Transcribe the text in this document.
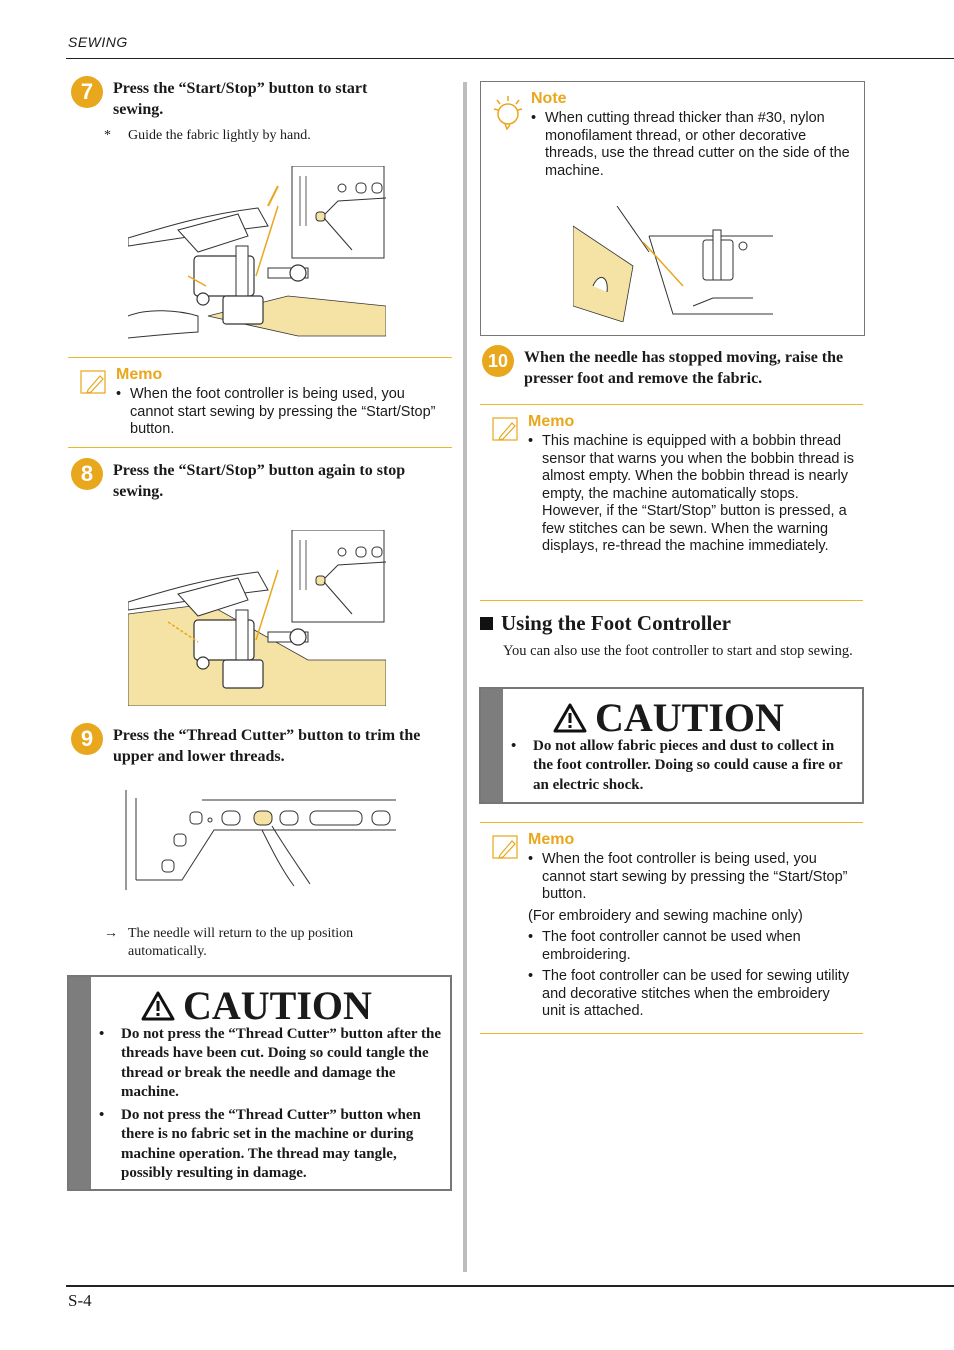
SEWING
S-4
7	Press the “Start/Stop” button to start sewing.
*	Guide the fabric lightly by hand.
Memo
• When the foot controller is being used, you cannot start sewing by pressing the “Start/Stop” button.
8	Press the “Start/Stop” button again to stop sewing.
9	Press the “Thread Cutter” button to trim the upper and lower threads.
→ The needle will return to the up position automatically.
CAUTION
•	Do not press the “Thread Cutter” button after the threads have been cut. Doing so could tangle the thread or break the needle and damage the machine.
•	Do not press the “Thread Cutter” button when there is no fabric set in the machine or during machine operation. The thread may tangle, possibly resulting in damage.
Note
• When cutting thread thicker than #30, nylon monofilament thread, or other decorative threads, use the thread cutter on the side of the machine.
10 When the needle has stopped moving, raise the presser foot and remove the fabric.
Memo
• This machine is equipped with a bobbin thread sensor that warns you when the bobbin thread is almost empty. When the bobbin thread is nearly empty, the machine automatically stops. However, if the “Start/Stop” button is pressed, a few stitches can be sewn. When the warning displays, re-thread the machine immediately.
Using the Foot Controller
You can also use the foot controller to start and stop sewing.
CAUTION
•	Do not allow fabric pieces and dust to collect in the foot controller. Doing so could cause a fire or an electric shock.
Memo
• When the foot controller is being used, you cannot start sewing by pressing the “Start/Stop” button.
(For embroidery and sewing machine only)
• The foot controller cannot be used when embroidering.
• The foot controller can be used for sewing utility and decorative stitches when the embroidery unit is attached.
